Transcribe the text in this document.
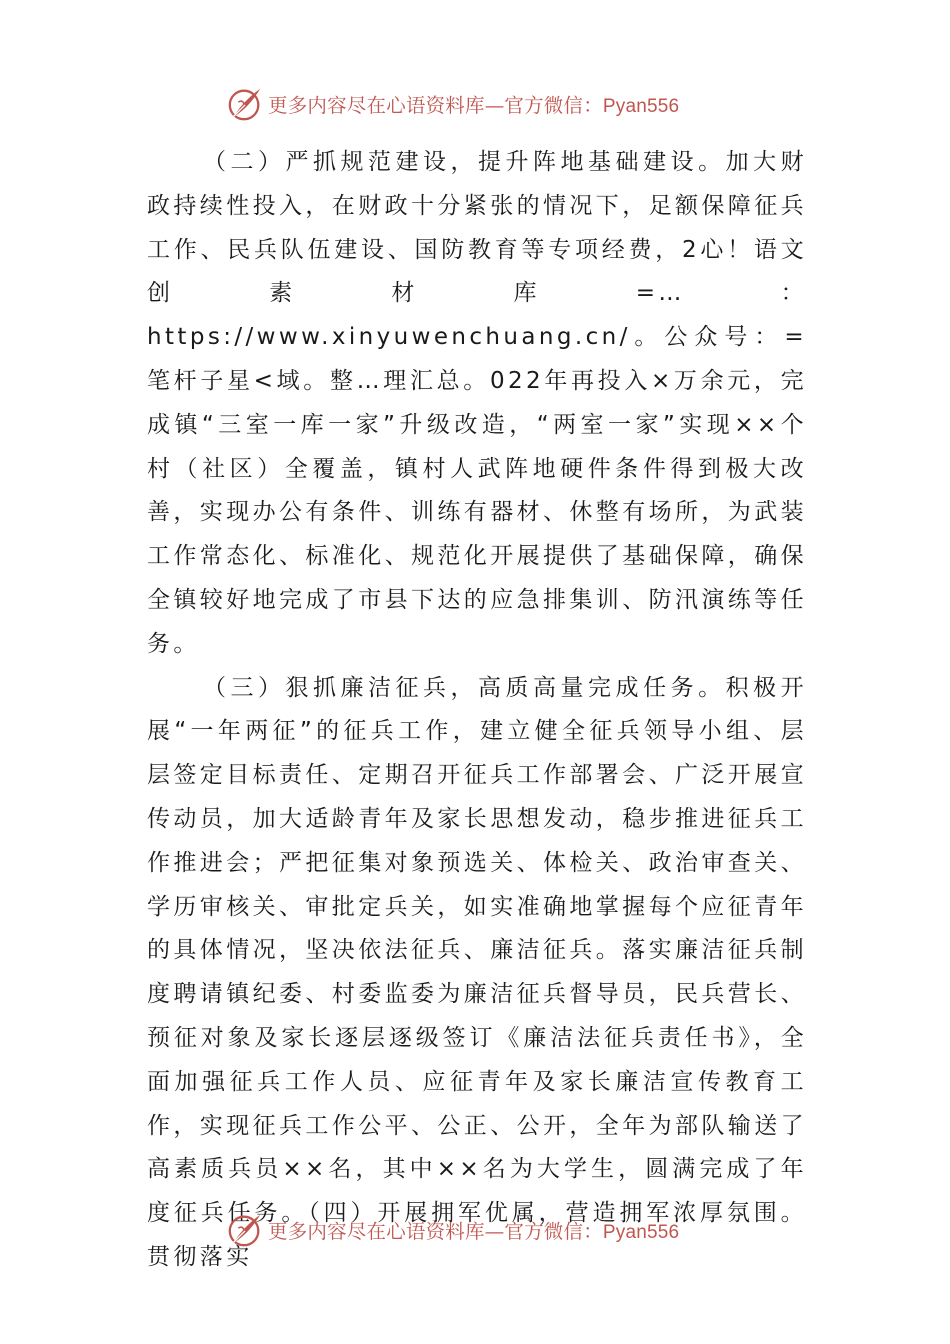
更多内容尽在心语资料库—官方微信：Pyan556

（二）严抓规范建设，提升阵地基础建设。加大财政持续性投入，在财政十分紧张的情况下，足额保障征兵工作、民兵队伍建设、国防教育等专项经费，2心！语文创素材库=…：https://www.xinyuwenchuang.cn/。公众号：=笔杆子星<域。整…理汇总。022年再投入×万余元，完成镇“三室一库一家”升级改造，“两室一家”实现××个村（社区）全覆盖，镇村人武阵地硬件条件得到极大改善，实现办公有条件、训练有器材、休整有场所，为武装工作常态化、标准化、规范化开展提供了基础保障，确保全镇较好地完成了市县下达的应急排集训、防汛演练等任务。

（三）狠抓廉洁征兵，高质高量完成任务。积极开展“一年两征”的征兵工作，建立健全征兵领导小组、层层签定目标责任、定期召开征兵工作部署会、广泛开展宣传动员，加大适龄青年及家长思想发动，稳步推进征兵工作推进会；严把征集对象预选关、体检关、政治审查关、学历审核关、审批定兵关，如实准确地掌握每个应征青年的具体情况，坚决依法征兵、廉洁征兵。落实廉洁征兵制度聘请镇纪委、村委监委为廉洁征兵督导员，民兵营长、预征对象及家长逐层逐级签订《廉洁法征兵责任书》，全面加强征兵工作人员、应征青年及家长廉洁宣传教育工作，实现征兵工作公平、公正、公开，全年为部队输送了高素质兵员××名，其中××名为大学生，圆满完成了年度征兵任务。（四）开展拥军优属，营造拥军浓厚氛围。贯彻落实

更多内容尽在心语资料库—官方微信：Pyan556
